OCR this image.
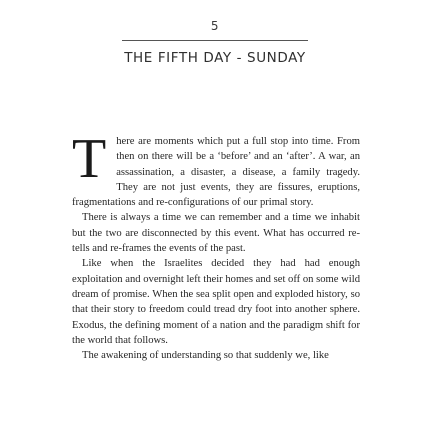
5
THE FIFTH DAY - SUNDAY

There are moments which put a full stop into time. From then on there will be a ‘before’ and an ‘after’. A war, an assassination, a disaster, a disease, a family tragedy. They are not just events, they are fissures, eruptions, fragmentations and re-configurations of our primal story.

There is always a time we can remember and a time we inhabit but the two are disconnected by this event. What has occurred re-tells and re-frames the events of the past.

Like when the Israelites decided they had had enough exploitation and overnight left their homes and set off on some wild dream of promise. When the sea split open and exploded history, so that their story to freedom could tread dry foot into another sphere. Exodus, the defining moment of a nation and the paradigm shift for the world that follows.

The awakening of understanding so that suddenly we, like
